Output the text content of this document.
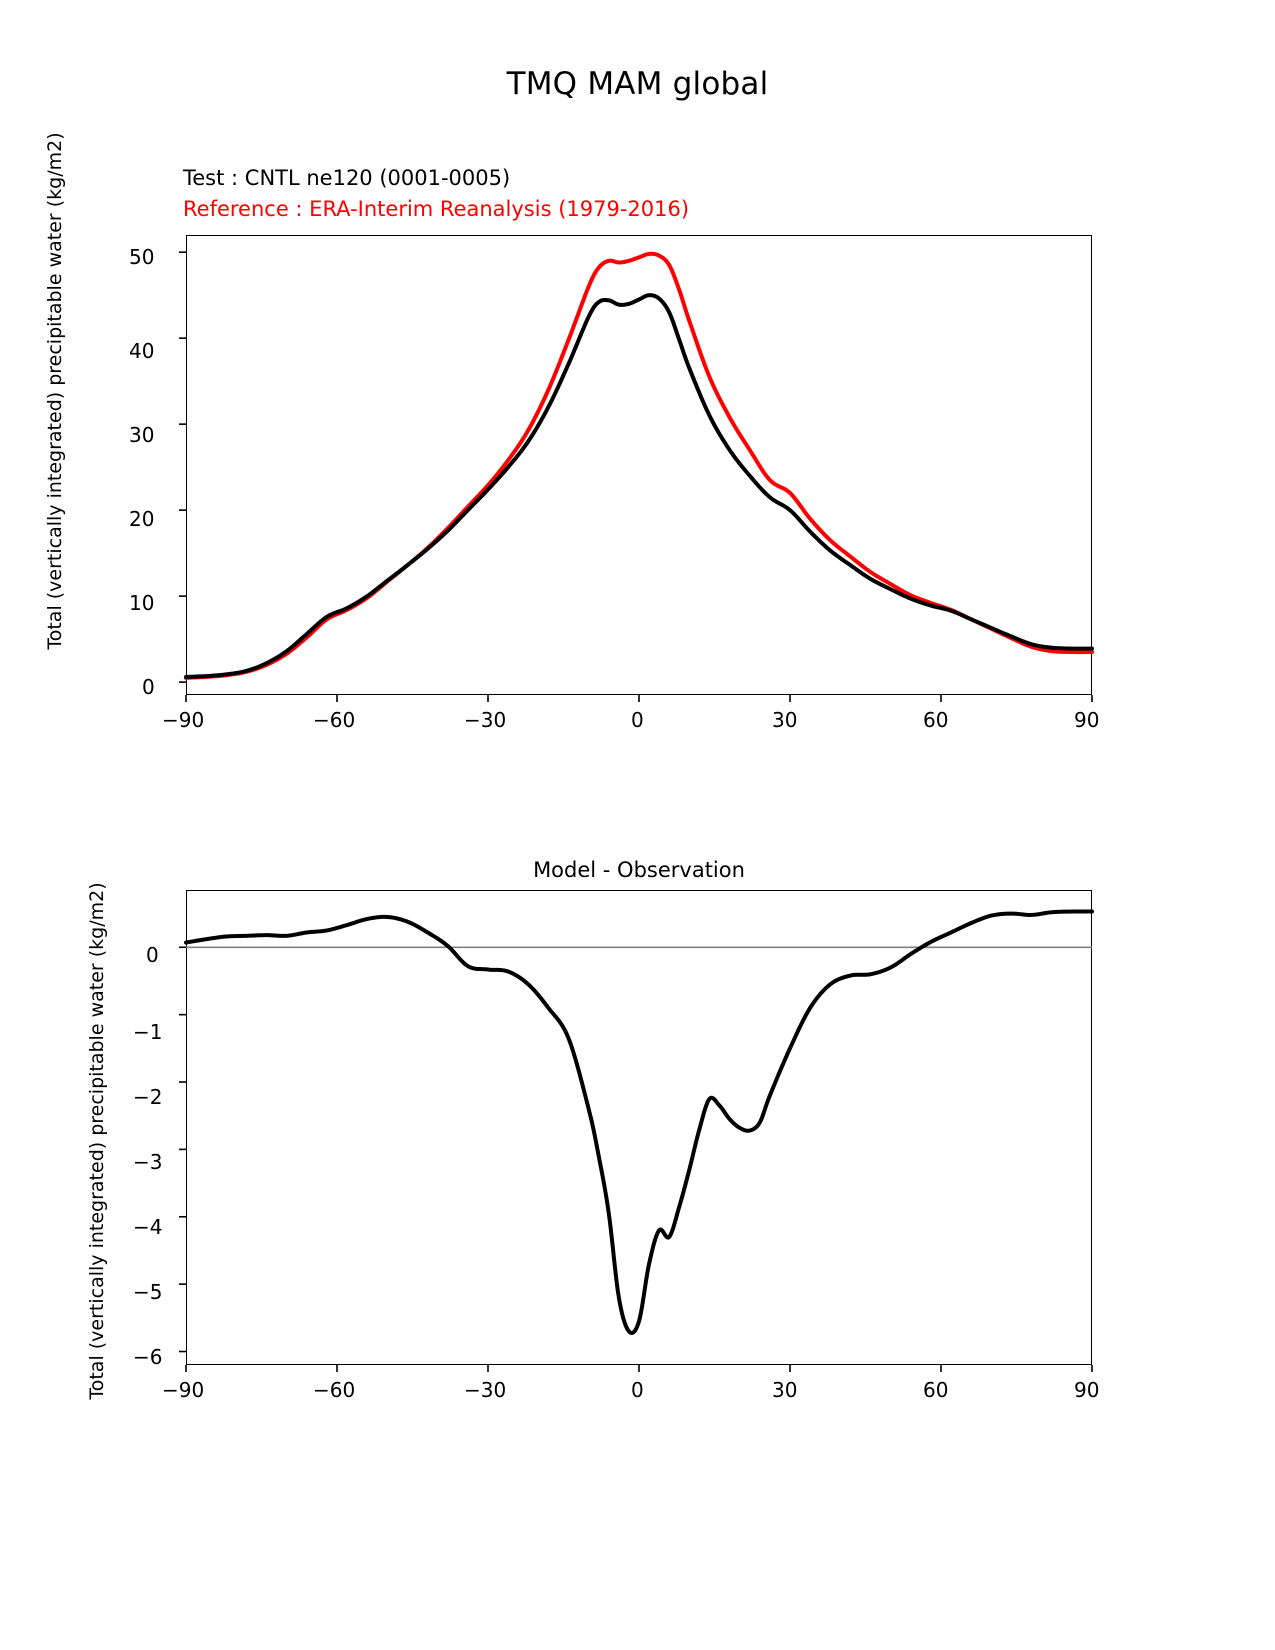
TMQ MAM global
Test : CNTL ne120 (0001-0005)
Reference : ERA-Interim Reanalysis (1979-2016)
Total (vertically integrated) precipitable water (kg/m2)
0
10
20
30
40
50
−90	−60	−30	0	30	60	90
Model - Observation
Total (vertically integrated) precipitable water (kg/m2) −6
−5
−4
−3
−2
−1
0
−90	−60	−30	0	30	60	90
